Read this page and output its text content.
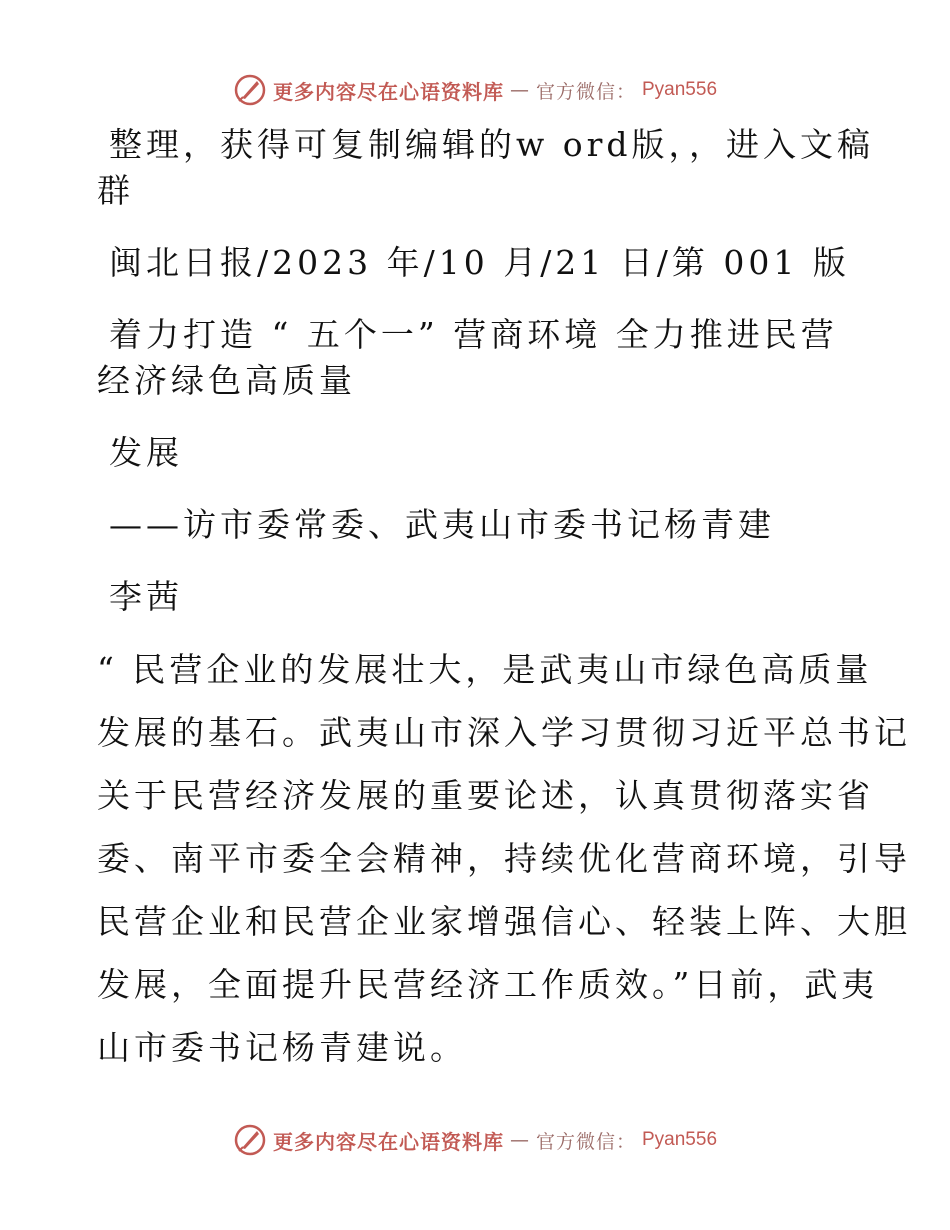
更多内容尽在心语资料库 — 官方微信： Pyan556
整理，获得可复制编辑的w ord版，，进入文稿
群
闽北日报/2023 年/10 月/21 日/第 001 版
着力打造 “ 五个一” 营商环境 全力推进民营
经济绿色高质量
发展
——访市委常委、武夷山市委书记杨青建
李茜
“ 民营企业的发展壮大，是武夷山市绿色高质量
发展的基石。武夷山市深入学习贯彻习近平总书记
关于民营经济发展的重要论述，认真贯彻落实省
委、南平市委全会精神，持续优化营商环境，引导
民营企业和民营企业家增强信心、轻装上阵、大胆
发展，全面提升民营经济工作质效。”日前，武夷
山市委书记杨青建说。
更多内容尽在心语资料库 — 官方微信： Pyan556
